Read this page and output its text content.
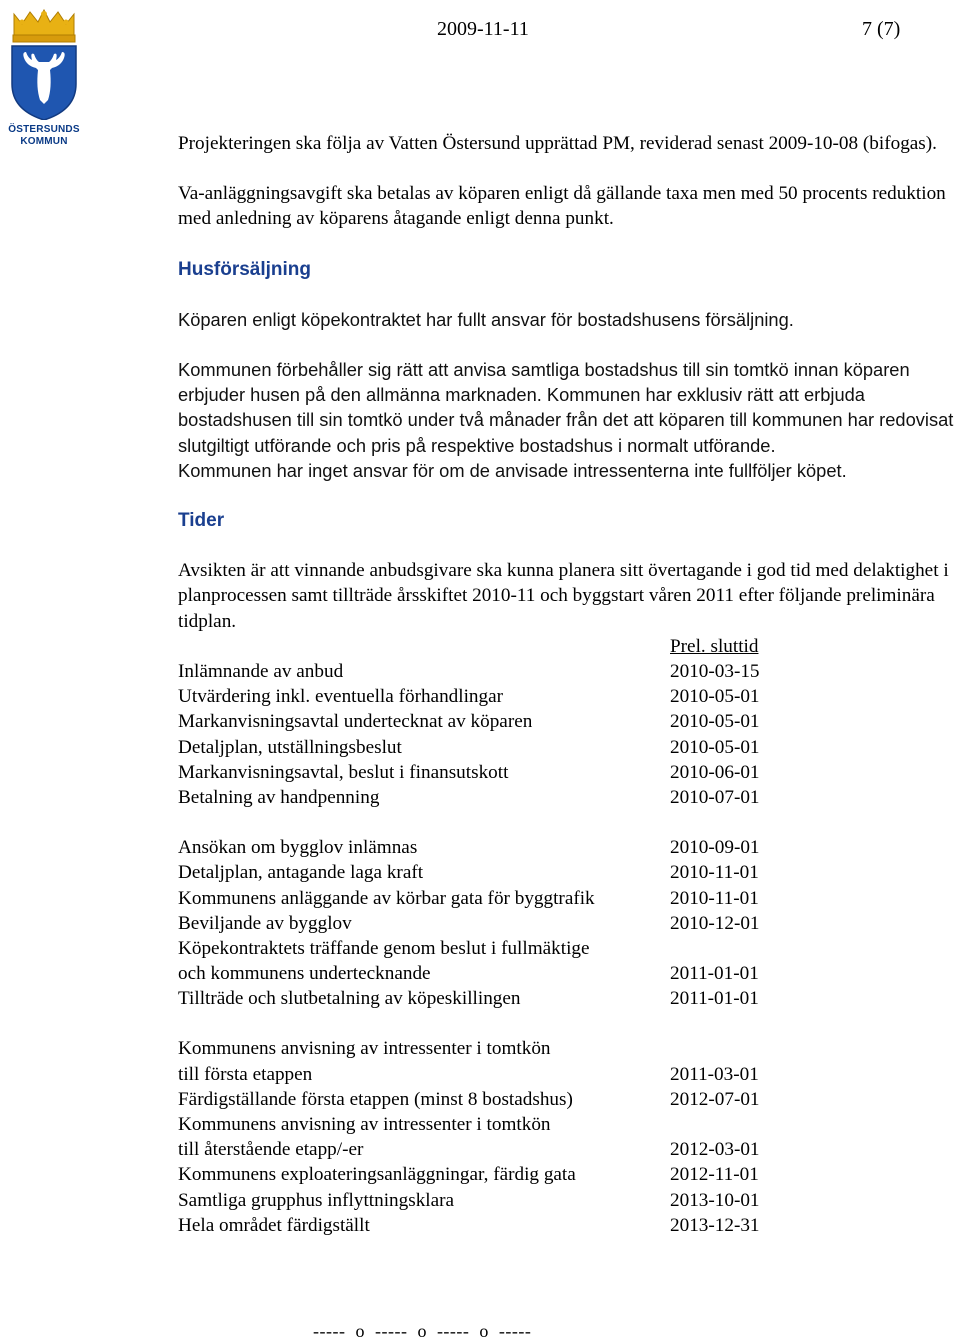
ÖSTERSUNDS
KOMMUN
2009-11-11	7 (7)

Projekteringen ska följa av Vatten Östersund upprättad PM, reviderad senast 2009-10-08 (bifogas).

Va-anläggningsavgift ska betalas av köparen enligt då gällande taxa men med 50 procents reduktion med anledning av köparens åtagande enligt denna punkt.

Husförsäljning

Köparen enligt köpekontraktet har fullt ansvar för bostadshusens försäljning.

Kommunen förbehåller sig rätt att anvisa samtliga bostadshus till sin tomtkö innan köparen erbjuder husen på den allmänna marknaden. Kommunen har exklusiv rätt att erbjuda bostadshusen till sin tomtkö under två månader från det att köparen till kommunen har redovisat slutgiltigt utförande och pris på respektive bostadshus i normalt utförande.

Kommunen har inget ansvar för om de anvisade intressenterna inte fullföljer köpet.

Tider

Avsikten är att vinnande anbudsgivare ska kunna planera sitt övertagande i god tid med delaktighet i planprocessen samt tillträde årsskiftet 2010-11 och byggstart våren 2011 efter följande preliminära tidplan.

Prel. sluttid
Inlämnande av anbud	2010-03-15
Utvärdering inkl. eventuella förhandlingar	2010-05-01
Markanvisningsavtal undertecknat av köparen	2010-05-01
Detaljplan, utställningsbeslut	2010-05-01
Markanvisningsavtal, beslut i finansutskott	2010-06-01
Betalning av handpenning	2010-07-01
Ansökan om bygglov inlämnas	2010-09-01
Detaljplan, antagande laga kraft	2010-11-01
Kommunens anläggande av körbar gata för byggtrafik	2010-11-01
Beviljande av bygglov	2010-12-01
Köpekontraktets träffande genom beslut i fullmäktige
och kommunens undertecknande	2011-01-01
Tillträde och slutbetalning av köpeskillingen	2011-01-01
Kommunens anvisning av intressenter i tomtkön
till första etappen	2011-03-01
Färdigställande första etappen (minst 8 bostadshus)	2012-07-01
Kommunens anvisning av intressenter i tomtkön
till återstående etapp/-er	2012-03-01
Kommunens exploateringsanläggningar, färdig gata	2012-11-01
Samtliga grupphus inflyttningsklara	2013-10-01
Hela området färdigställt	2013-12-31
-----  o  -----  o  -----  o  -----
